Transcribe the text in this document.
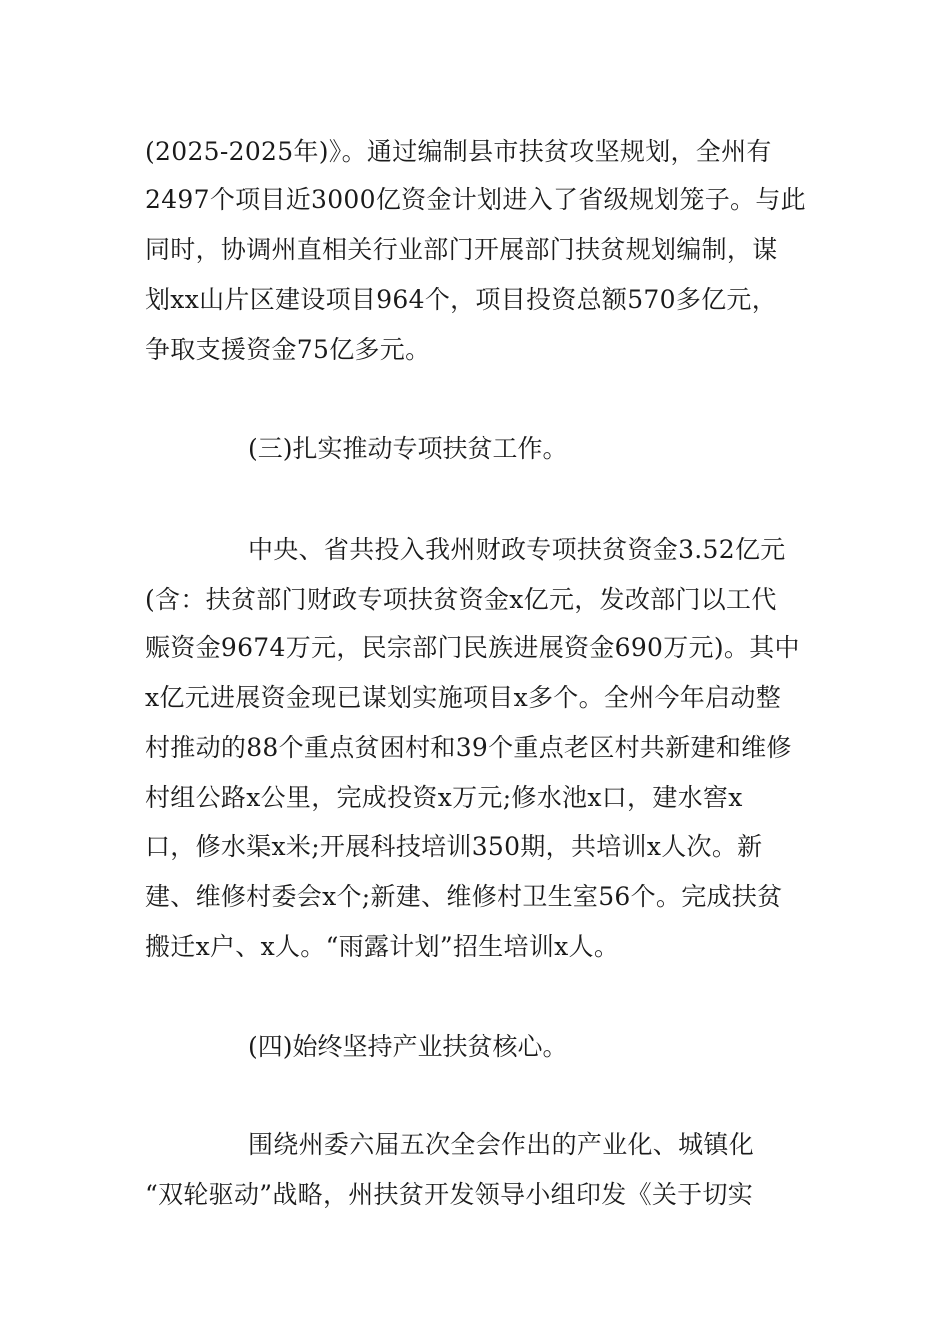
(2025-2025年)》。通过编制县市扶贫攻坚规划，全州有
2497个项目近3000亿资金计划进入了省级规划笼子。与此
同时，协调州直相关行业部门开展部门扶贫规划编制，谋
划xx山片区建设项目964个，项目投资总额570多亿元，
争取支援资金75亿多元。
(三)扎实推动专项扶贫工作。
中央、省共投入我州财政专项扶贫资金3.52亿元
(含：扶贫部门财政专项扶贫资金x亿元，发改部门以工代
赈资金9674万元，民宗部门民族进展资金690万元)。其中
x亿元进展资金现已谋划实施项目x多个。全州今年启动整
村推动的88个重点贫困村和39个重点老区村共新建和维修
村组公路x公里，完成投资x万元;修水池x口，建水窖x
口，修水渠x米;开展科技培训350期，共培训x人次。新
建、维修村委会x个;新建、维修村卫生室56个。完成扶贫
搬迁x户、x人。“雨露计划”招生培训x人。
(四)始终坚持产业扶贫核心。
围绕州委六届五次全会作出的产业化、城镇化
“双轮驱动”战略，州扶贫开发领导小组印发《关于切实
